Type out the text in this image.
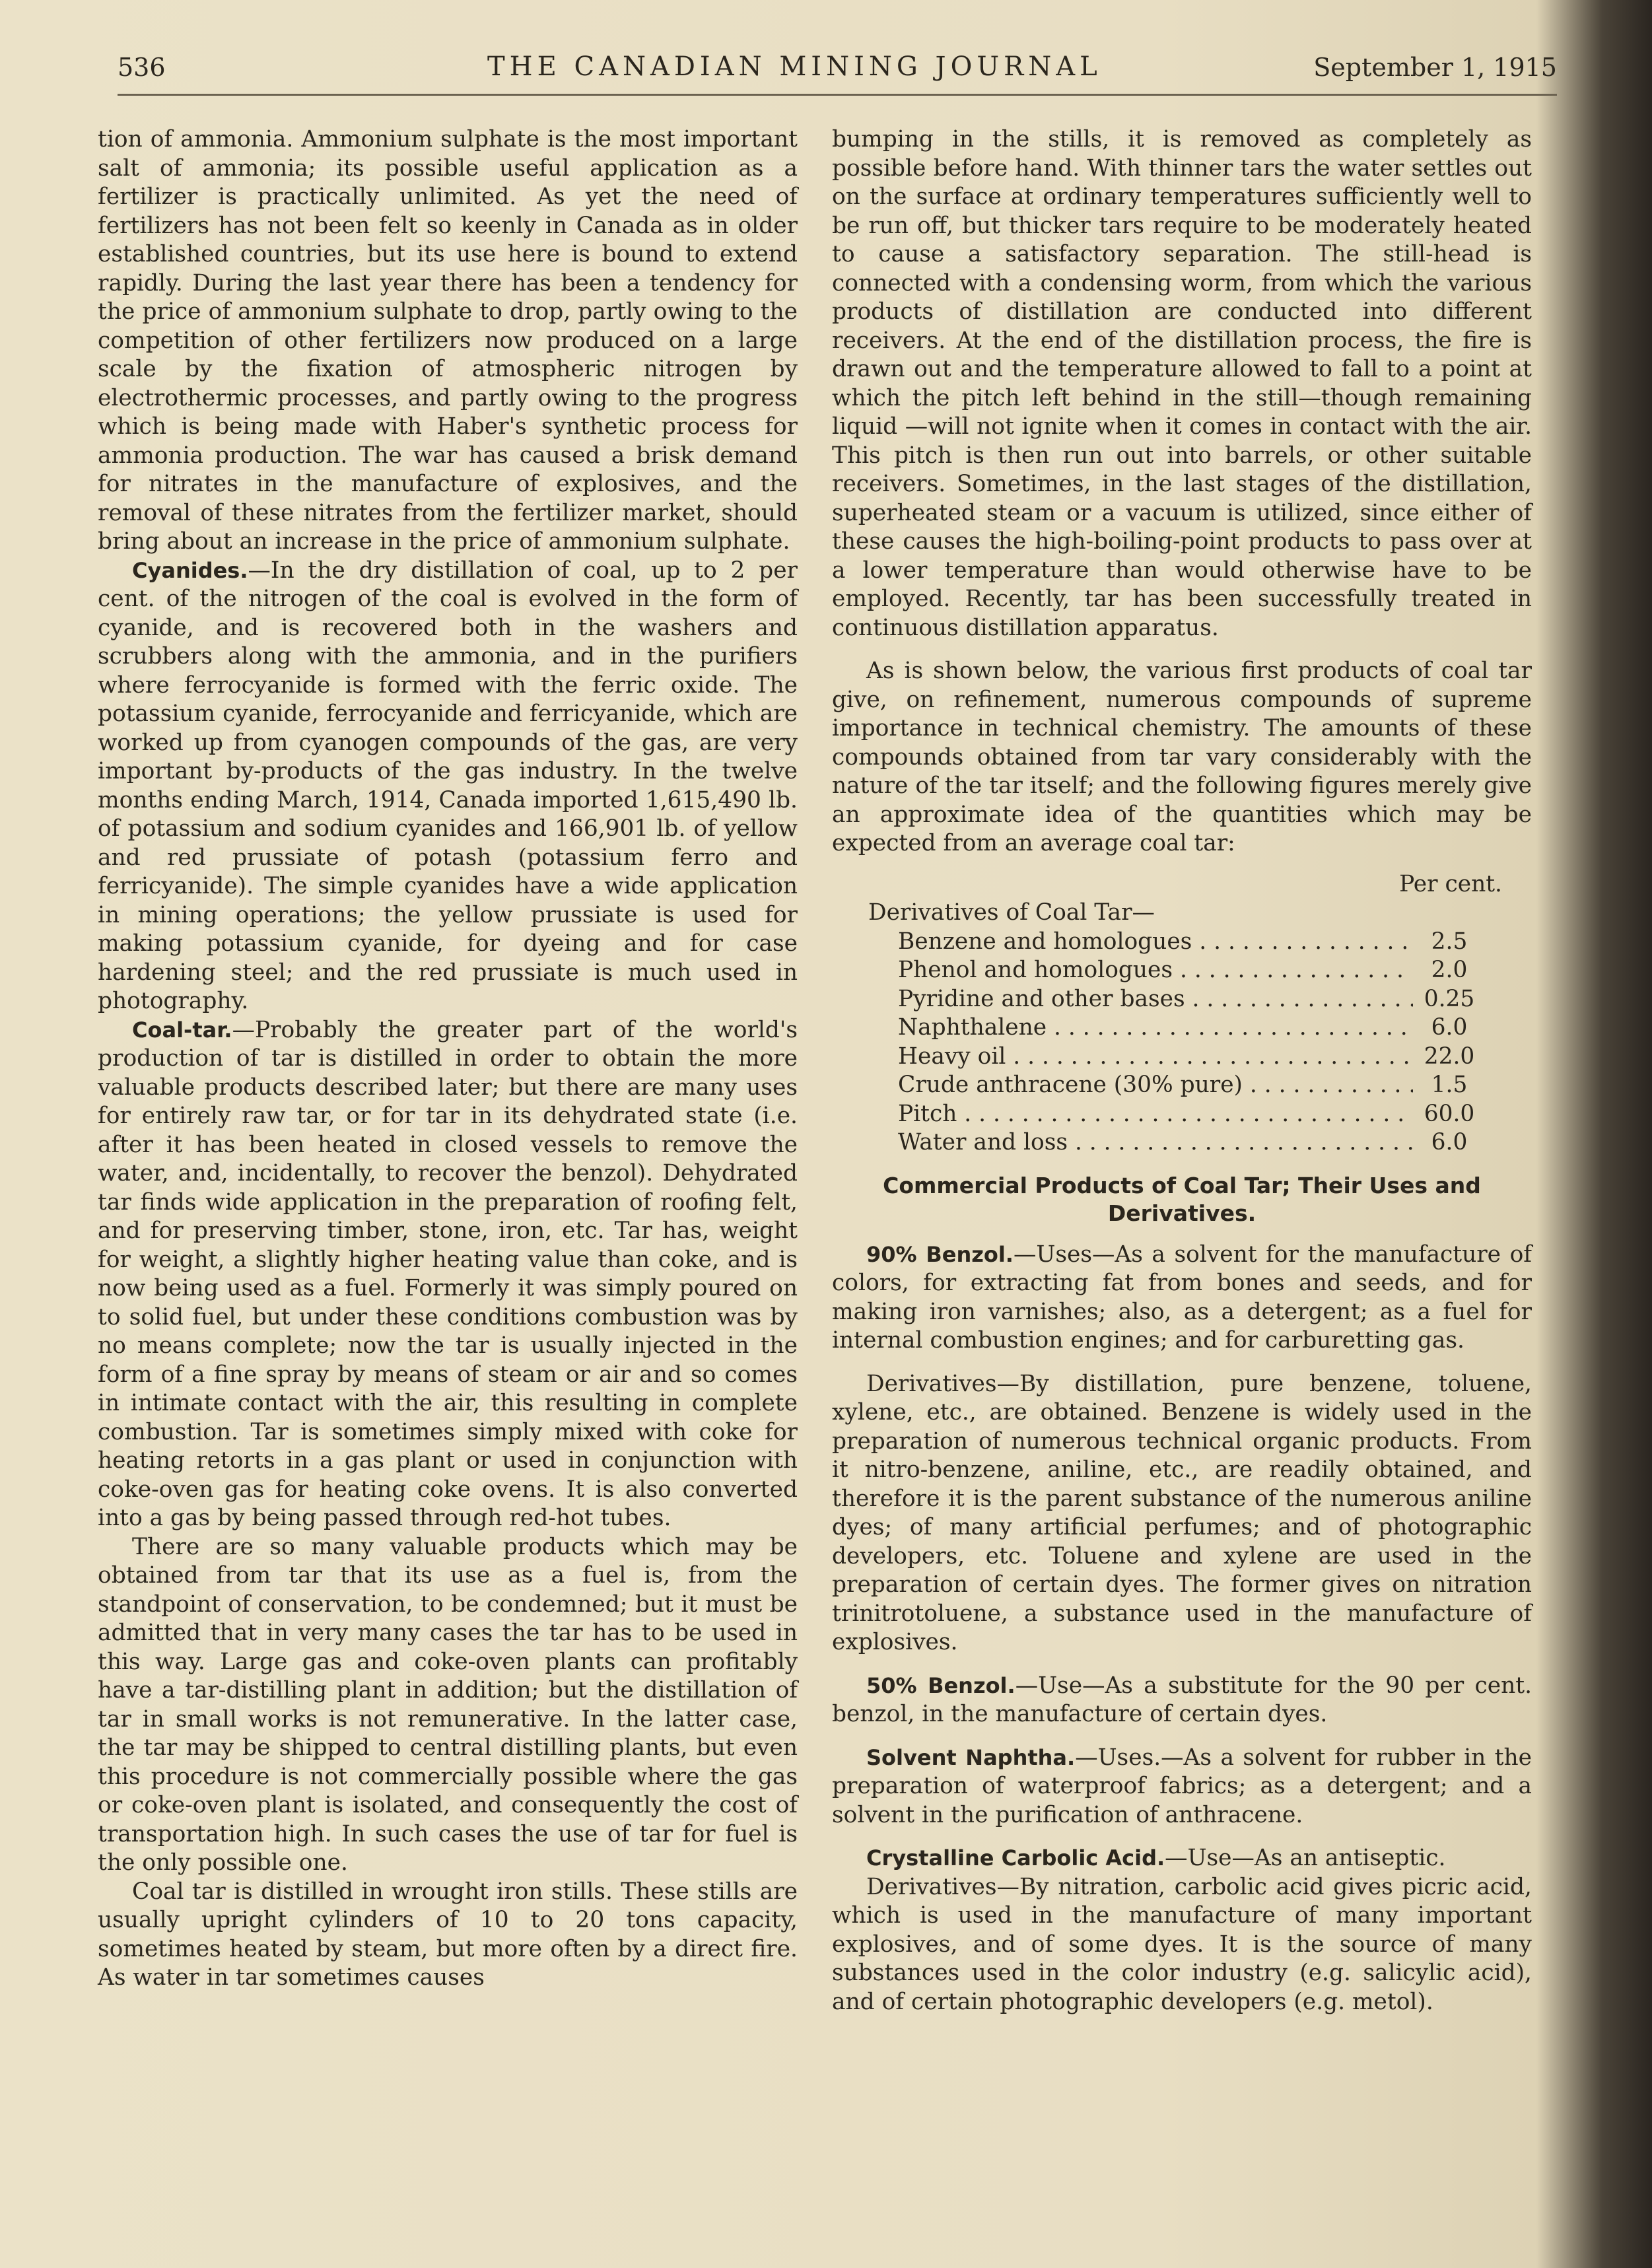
536	THE CANADIAN MINING JOURNAL	September 1, 1915

tion of ammonia. Ammonium sulphate is the most important salt of ammonia; its possible useful application as a fertilizer is practically unlimited. As yet the need of fertilizers has not been felt so keenly in Canada as in older established countries, but its use here is bound to extend rapidly. During the last year there has been a tendency for the price of ammonium sulphate to drop, partly owing to the competition of other fertilizers now produced on a large scale by the fixation of atmospheric nitrogen by electrothermic processes, and partly owing to the progress which is being made with Haber's synthetic process for ammonia production. The war has caused a brisk demand for nitrates in the manufacture of explosives, and the removal of these nitrates from the fertilizer market, should bring about an increase in the price of ammonium sulphate.

Cyanides.—In the dry distillation of coal, up to 2 per cent. of the nitrogen of the coal is evolved in the form of cyanide, and is recovered both in the washers and scrubbers along with the ammonia, and in the purifiers where ferrocyanide is formed with the ferric oxide. The potassium cyanide, ferrocyanide and ferricyanide, which are worked up from cyanogen compounds of the gas, are very important by-products of the gas industry. In the twelve months ending March, 1914, Canada imported 1,615,490 lb. of potassium and sodium cyanides and 166,901 lb. of yellow and red prussiate of potash (potassium ferro and ferricyanide). The simple cyanides have a wide application in mining operations; the yellow prussiate is used for making potassium cyanide, for dyeing and for case hardening steel; and the red prussiate is much used in photography.

Coal-tar.—Probably the greater part of the world's production of tar is distilled in order to obtain the more valuable products described later; but there are many uses for entirely raw tar, or for tar in its dehydrated state (i.e. after it has been heated in closed vessels to remove the water, and, incidentally, to recover the benzol). Dehydrated tar finds wide application in the preparation of roofing felt, and for preserving timber, stone, iron, etc. Tar has, weight for weight, a slightly higher heating value than coke, and is now being used as a fuel. Formerly it was simply poured on to solid fuel, but under these conditions combustion was by no means complete; now the tar is usually injected in the form of a fine spray by means of steam or air and so comes in intimate contact with the air, this resulting in complete combustion. Tar is sometimes simply mixed with coke for heating retorts in a gas plant or used in conjunction with coke-oven gas for heating coke ovens. It is also converted into a gas by being passed through red-hot tubes.

There are so many valuable products which may be obtained from tar that its use as a fuel is, from the standpoint of conservation, to be condemned; but it must be admitted that in very many cases the tar has to be used in this way. Large gas and coke-oven plants can profitably have a tar-distilling plant in addition; but the distillation of tar in small works is not remunerative. In the latter case, the tar may be shipped to central distilling plants, but even this procedure is not commercially possible where the gas or coke-oven plant is isolated, and consequently the cost of transportation high. In such cases the use of tar for fuel is the only possible one.

Coal tar is distilled in wrought iron stills. These stills are usually upright cylinders of 10 to 20 tons capacity, sometimes heated by steam, but more often by a direct fire. As water in tar sometimes causes

bumping in the stills, it is removed as completely as possible before hand. With thinner tars the water settles out on the surface at ordinary temperatures sufficiently well to be run off, but thicker tars require to be moderately heated to cause a satisfactory separation. The still-head is connected with a condensing worm, from which the various products of distillation are conducted into different receivers. At the end of the distillation process, the fire is drawn out and the temperature allowed to fall to a point at which the pitch left behind in the still—though remaining liquid —will not ignite when it comes in contact with the air. This pitch is then run out into barrels, or other suitable receivers. Sometimes, in the last stages of the distillation, superheated steam or a vacuum is utilized, since either of these causes the high-boiling-point products to pass over at a lower temperature than would otherwise have to be employed. Recently, tar has been successfully treated in continuous distillation apparatus.

As is shown below, the various first products of coal tar give, on refinement, numerous compounds of supreme importance in technical chemistry. The amounts of these compounds obtained from tar vary considerably with the nature of the tar itself; and the following figures merely give an approximate idea of the quantities which may be expected from an average coal tar:

Per cent.
Derivatives of Coal Tar—
Benzene and homologues . . .	2.5
Phenol and homologues . . .	2.0
Pyridine and other bases . . .	0.25
Naphthalene . . .	6.0
Heavy oil . . .	22.0
Crude anthracene (30% pure) . . .	1.5
Pitch . . .	60.0
Water and loss . . .	6.0
Commercial Products of Coal Tar; Their Uses and Derivatives.

90% Benzol.—Uses—As a solvent for the manufacture of colors, for extracting fat from bones and seeds, and for making iron varnishes; also, as a detergent; as a fuel for internal combustion engines; and for carburetting gas.

Derivatives—By distillation, pure benzene, toluene, xylene, etc., are obtained. Benzene is widely used in the preparation of numerous technical organic products. From it nitro-benzene, aniline, etc., are readily obtained, and therefore it is the parent substance of the numerous aniline dyes; of many artificial perfumes; and of photographic developers, etc. Toluene and xylene are used in the preparation of certain dyes. The former gives on nitration trinitrotoluene, a substance used in the manufacture of explosives.

50% Benzol.—Use—As a substitute for the 90 per cent. benzol, in the manufacture of certain dyes.

Solvent Naphtha.—Uses.—As a solvent for rubber in the preparation of waterproof fabrics; as a detergent; and a solvent in the purification of anthracene.

Crystalline Carbolic Acid.—Use—As an antiseptic.

Derivatives—By nitration, carbolic acid gives picric acid, which is used in the manufacture of many important explosives, and of some dyes. It is the source of many substances used in the color industry (e.g. salicylic acid), and of certain photographic developers (e.g. metol).
